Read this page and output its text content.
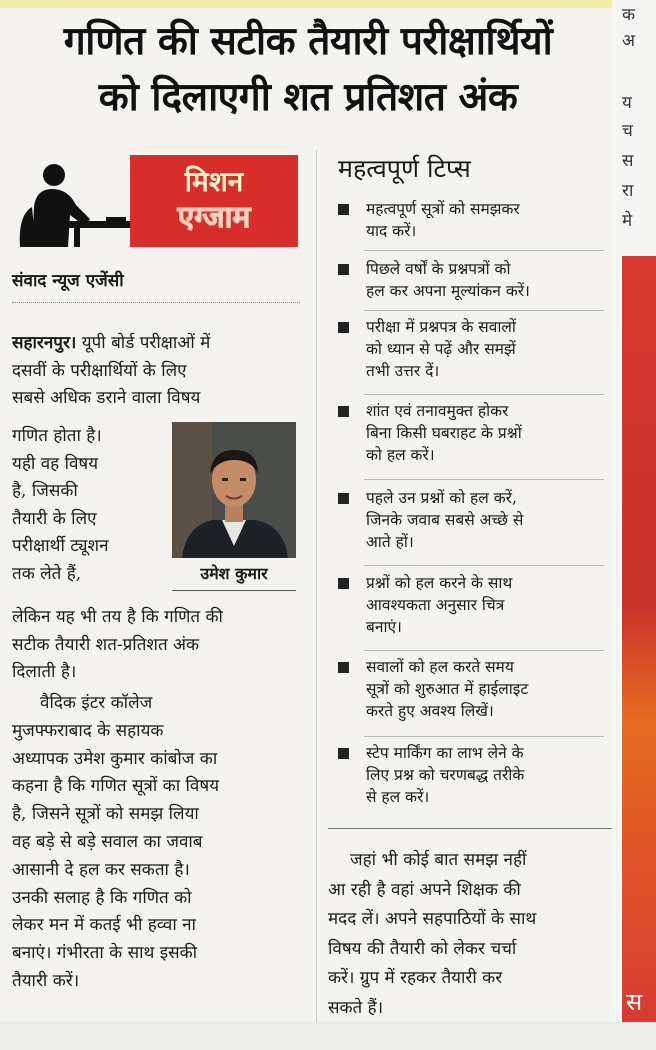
गणित की सटीक तैयारी परीक्षार्थियों
को दिलाएगी शत प्रतिशत अंक
मिशन
एग्जाम
संवाद न्यूज एजेंसी
सहारनपुर। यूपी बोर्ड परीक्षाओं में
दसवीं के परीक्षार्थियों के लिए
सबसे अधिक डराने वाला विषय
गणित होता है।
यही वह विषय
है, जिसकी
तैयारी के लिए
परीक्षार्थी ट्यूशन
तक लेते हैं,	उमेश कुमार
लेकिन यह भी तय है कि गणित की
सटीक तैयारी शत-प्रतिशत अंक
दिलाती है।
वैदिक इंटर कॉलेज
मुजफ्फराबाद के सहायक
अध्यापक उमेश कुमार कांबोज का
कहना है कि गणित सूत्रों का विषय
है, जिसने सूत्रों को समझ लिया
वह बड़े से बड़े सवाल का जवाब
आसानी दे हल कर सकता है।
उनकी सलाह है कि गणित को
लेकर मन में कतई भी हव्वा ना
बनाएं। गंभीरता के साथ इसकी
तैयारी करें।
महत्वपूर्ण टिप्स
महत्वपूर्ण सूत्रों को समझकर
याद करें।
पिछले वर्षों के प्रश्नपत्रों को
हल कर अपना मूल्यांकन करें।
परीक्षा में प्रश्नपत्र के सवालों
को ध्यान से पढ़ें और समझें
तभी उत्तर दें।
शांत एवं तनावमुक्त होकर
बिना किसी घबराहट के प्रश्नों
को हल करें।
पहले उन प्रश्नों को हल करें,
जिनके जवाब सबसे अच्छे से
आते हों।
प्रश्नों को हल करने के साथ
आवश्यकता अनुसार चित्र
बनाएं।
सवालों को हल करते समय
सूत्रों को शुरुआत में हाईलाइट
करते हुए अवश्य लिखें।
स्टेप मार्किंग का लाभ लेने के
लिए प्रश्न को चरणबद्ध तरीके
से हल करें।
जहां भी कोई बात समझ नहीं
आ रही है वहां अपने शिक्षक की
मदद लें। अपने सहपाठियों के साथ
विषय की तैयारी को लेकर चर्चा
करें। ग्रुप में रहकर तैयारी कर
सकते हैं।
क
अ
य
च
स
रा
मे
स
